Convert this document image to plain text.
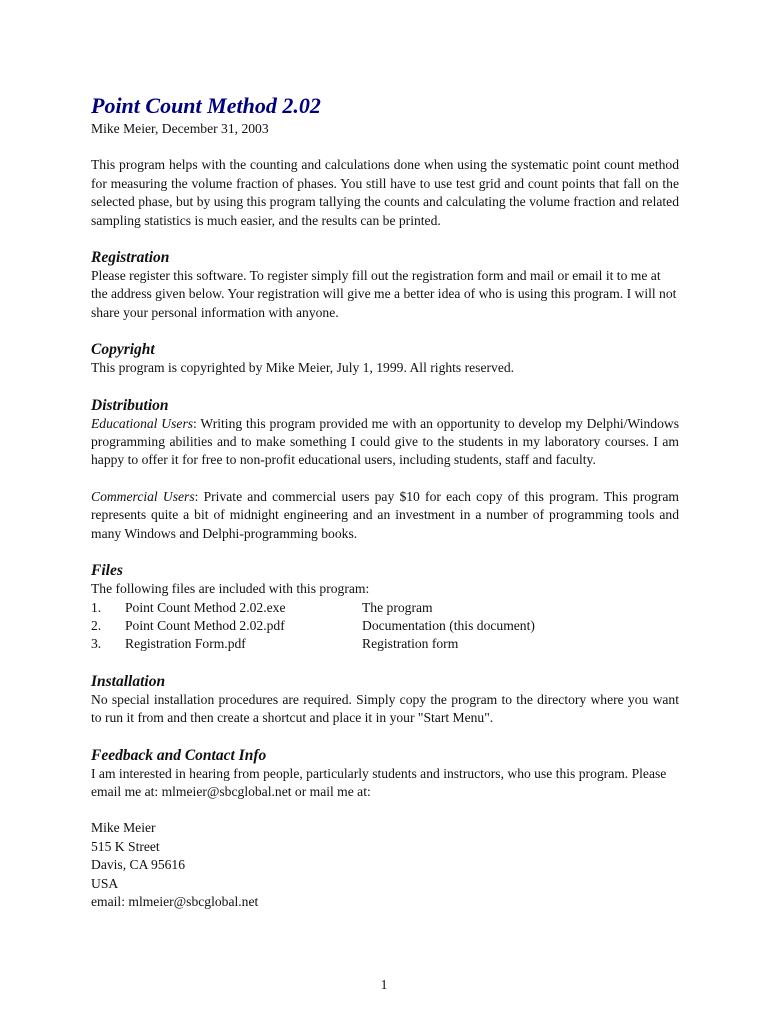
Point Count Method 2.02

Mike Meier, December 31, 2003

This program helps with the counting and calculations done when using the systematic point count method for measuring the volume fraction of phases. You still have to use test grid and count points that fall on the selected phase, but by using this program tallying the counts and calculating the volume fraction and related sampling statistics is much easier, and the results can be printed.

Registration

Please register this software. To register simply fill out the registration form and mail or email it to me at the address given below. Your registration will give me a better idea of who is using this program. I will not share your personal information with anyone.

Copyright

This program is copyrighted by Mike Meier, July 1, 1999. All rights reserved.

Distribution

Educational Users: Writing this program provided me with an opportunity to develop my Delphi/Windows programming abilities and to make something I could give to the students in my laboratory courses. I am happy to offer it for free to non-profit educational users, including students, staff and faculty.

Commercial Users: Private and commercial users pay $10 for each copy of this program. This program represents quite a bit of midnight engineering and an investment in a number of programming tools and many Windows and Delphi-programming books.

Files
The following files are included with this program:
1.	Point Count Method 2.02.exe	The program
2.	Point Count Method 2.02.pdf	Documentation (this document)
3.	Registration Form.pdf	Registration form
Installation

No special installation procedures are required. Simply copy the program to the directory where you want to run it from and then create a shortcut and place it in your "Start Menu".

Feedback and Contact Info

I am interested in hearing from people, particularly students and instructors, who use this program. Please email me at: mlmeier@sbcglobal.net or mail me at:

Mike Meier
515 K Street
Davis, CA 95616
USA
email: mlmeier@sbcglobal.net
1
